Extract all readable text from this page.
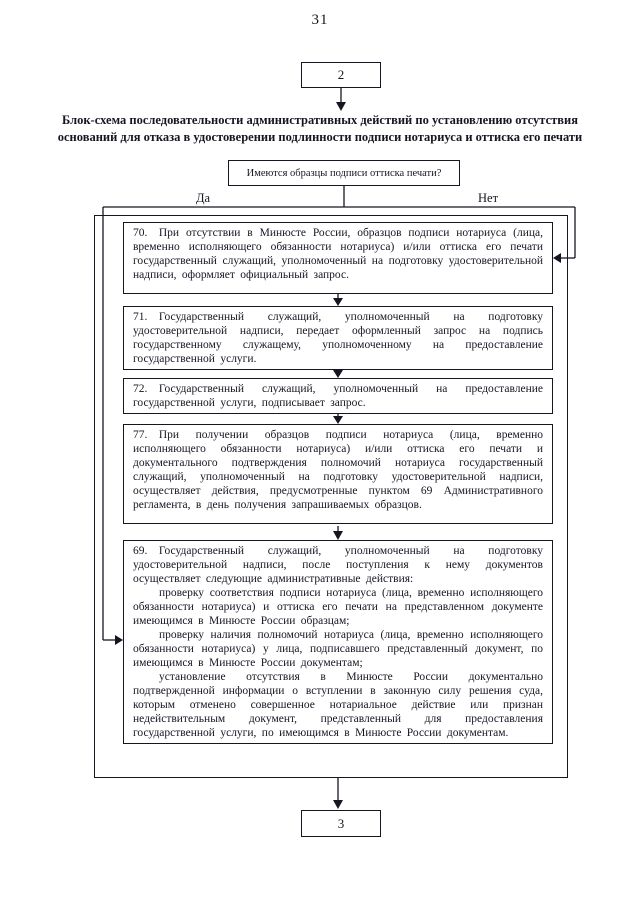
31
2
Блок-схема последовательности административных действий по установлению отсутствия оснований для отказа в удостоверении подлинности подписи нотариуса и оттиска его печати
Имеются образцы подписи оттиска печати?
Да	Нет
70. При отсутствии в Минюсте России, образцов подписи нотариуса (лица, временно исполняющего обязанности нотариуса) и/или оттиска его печати государственный служащий, уполномоченный на подготовку удостоверительной надписи, оформляет официальный запрос.
71. Государственный служащий, уполномоченный на подготовку удостоверительной надписи, передает оформленный запрос на подпись государственному служащему, уполномоченному на предоставление государственной услуги.
72. Государственный служащий, уполномоченный на предоставление государственной услуги, подписывает запрос.
77. При получении образцов подписи нотариуса (лица, временно исполняющего обязанности нотариуса) и/или оттиска его печати и документального подтверждения полномочий нотариуса государственный служащий, уполномоченный на подготовку удостоверительной надписи, осуществляет действия, предусмотренные пунктом 69 Административного регламента, в день получения запрашиваемых образцов.

69. Государственный служащий, уполномоченный на подготовку удостоверительной надписи, после поступления к нему документов осуществляет следующие административные действия:

проверку соответствия подписи нотариуса (лица, временно исполняющего обязанности нотариуса) и оттиска его печати на представленном документе имеющимся в Минюсте России образцам;

проверку наличия полномочий нотариуса (лица, временно исполняющего обязанности нотариуса) у лица, подписавшего представленный документ, по имеющимся в Минюсте России документам;

установление отсутствия в Минюсте России документально подтвержденной информации о вступлении в законную силу решения суда, которым отменено совершенное нотариальное действие или признан недействительным документ, представленный для предоставления государственной услуги, по имеющимся в Минюсте России документам.

3
